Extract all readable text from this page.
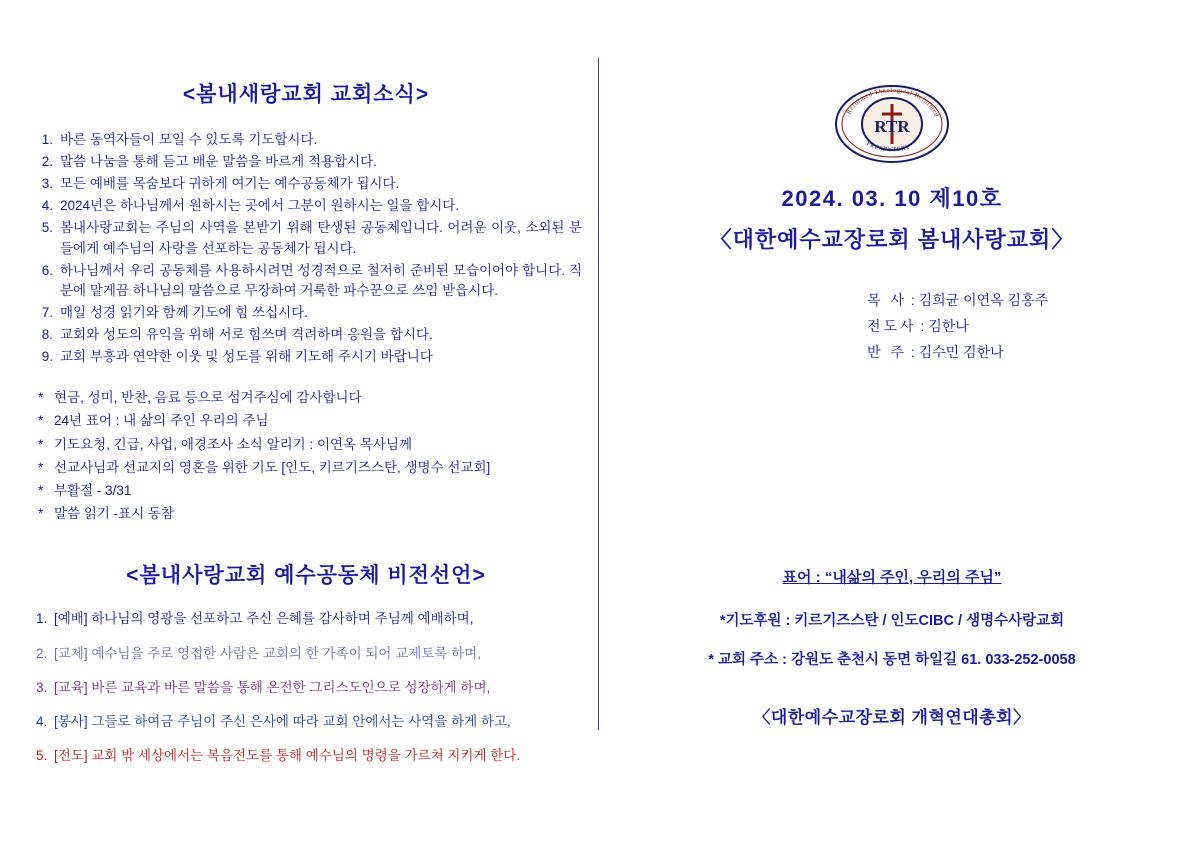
<봄내새랑교회 교회소식>
1. 바른 동역자들이 모일 수 있도록 기도합시다.
2. 말씀 나눔을 통해 듣고 배운 말씀을 바르게 적용합시다.
3. 모든 예배를 목숨보다 귀하게 여기는 예수공동체가 됩시다.
4. 2024년은 하나님께서 원하시는 곳에서 그분이 원하시는 일을 합시다.
5. 봄내사랑교회는 주님의 사역을 본받기 위해 탄생된 공동체입니다. 어려운 이웃, 소외된 분들에게 예수님의 사랑을 선포하는 공동체가 됩시다.
6. 하나님께서 우리 공동체를 사용하시려면 성경적으로 철저히 준비된 모습이어야 합니다. 직분에 맡게끔 하나님의 말씀으로 무장하여 거룩한 파수꾼으로 쓰임 받읍시다.
7. 매일 성경 읽기와 함께 기도에 힘 쓰십시다.
8. 교회와 성도의 유익을 위해 서로 힘쓰며 격려하며 응원을 합시다.
9. 교회 부흥과 연약한 이웃 및 성도를 위해 기도해 주시기 바랍니다
* 현금, 성미, 반찬, 음료 등으로 섬겨주심에 감사합니다
* 24년 표어 : 내 삶의 주인 우리의 주님
* 기도요청, 긴급, 사업, 애경조사 소식 알리기 : 이연옥 목사님께
* 선교사님과 선교지의 영혼을 위한 기도 [인도, 키르기즈스탄, 생명수 선교회]
* 부활절 - 3/31
* 말씀 읽기 -표시 동참
<봄내사랑교회 예수공동체 비전선언>
1. [예배] 하나님의 영광을 선포하고 주신 은혜를 감사하며 주님께 예배하며,
2. [교제] 예수님을 주로 영접한 사람은 교회의 한 가족이 되어 교제토록 하며,
3. [교육] 바른 교육과 바른 말씀을 통해 온전한 그리스도인으로 성장하게 하며,
4. [봉사] 그들로 하여금 주님이 주신 은사에 따라 교회 안에서는 사역을 하게 하고,
5. [전도] 교회 밖 세상에서는 복음전도를 통해 예수님의 명령을 가르쳐 지키게 한다.
RTR
Reformed Theological Reformed
PRESBYTERY
2024. 03. 10 제10호
〈대한예수교장로회 봄내사랑교회〉
목 사 : 김희균 이연옥 김홍주
전도사 : 김한나
반 주 : 김수민 김한나
표어 : “내삶의 주인, 우리의 주님”
*기도후원 : 키르기즈스탄 / 인도CIBC / 생명수사랑교회
* 교회 주소 : 강원도 춘천시 동면 하일길 61. 033-252-0058
〈대한예수교장로회 개혁연대총회〉
